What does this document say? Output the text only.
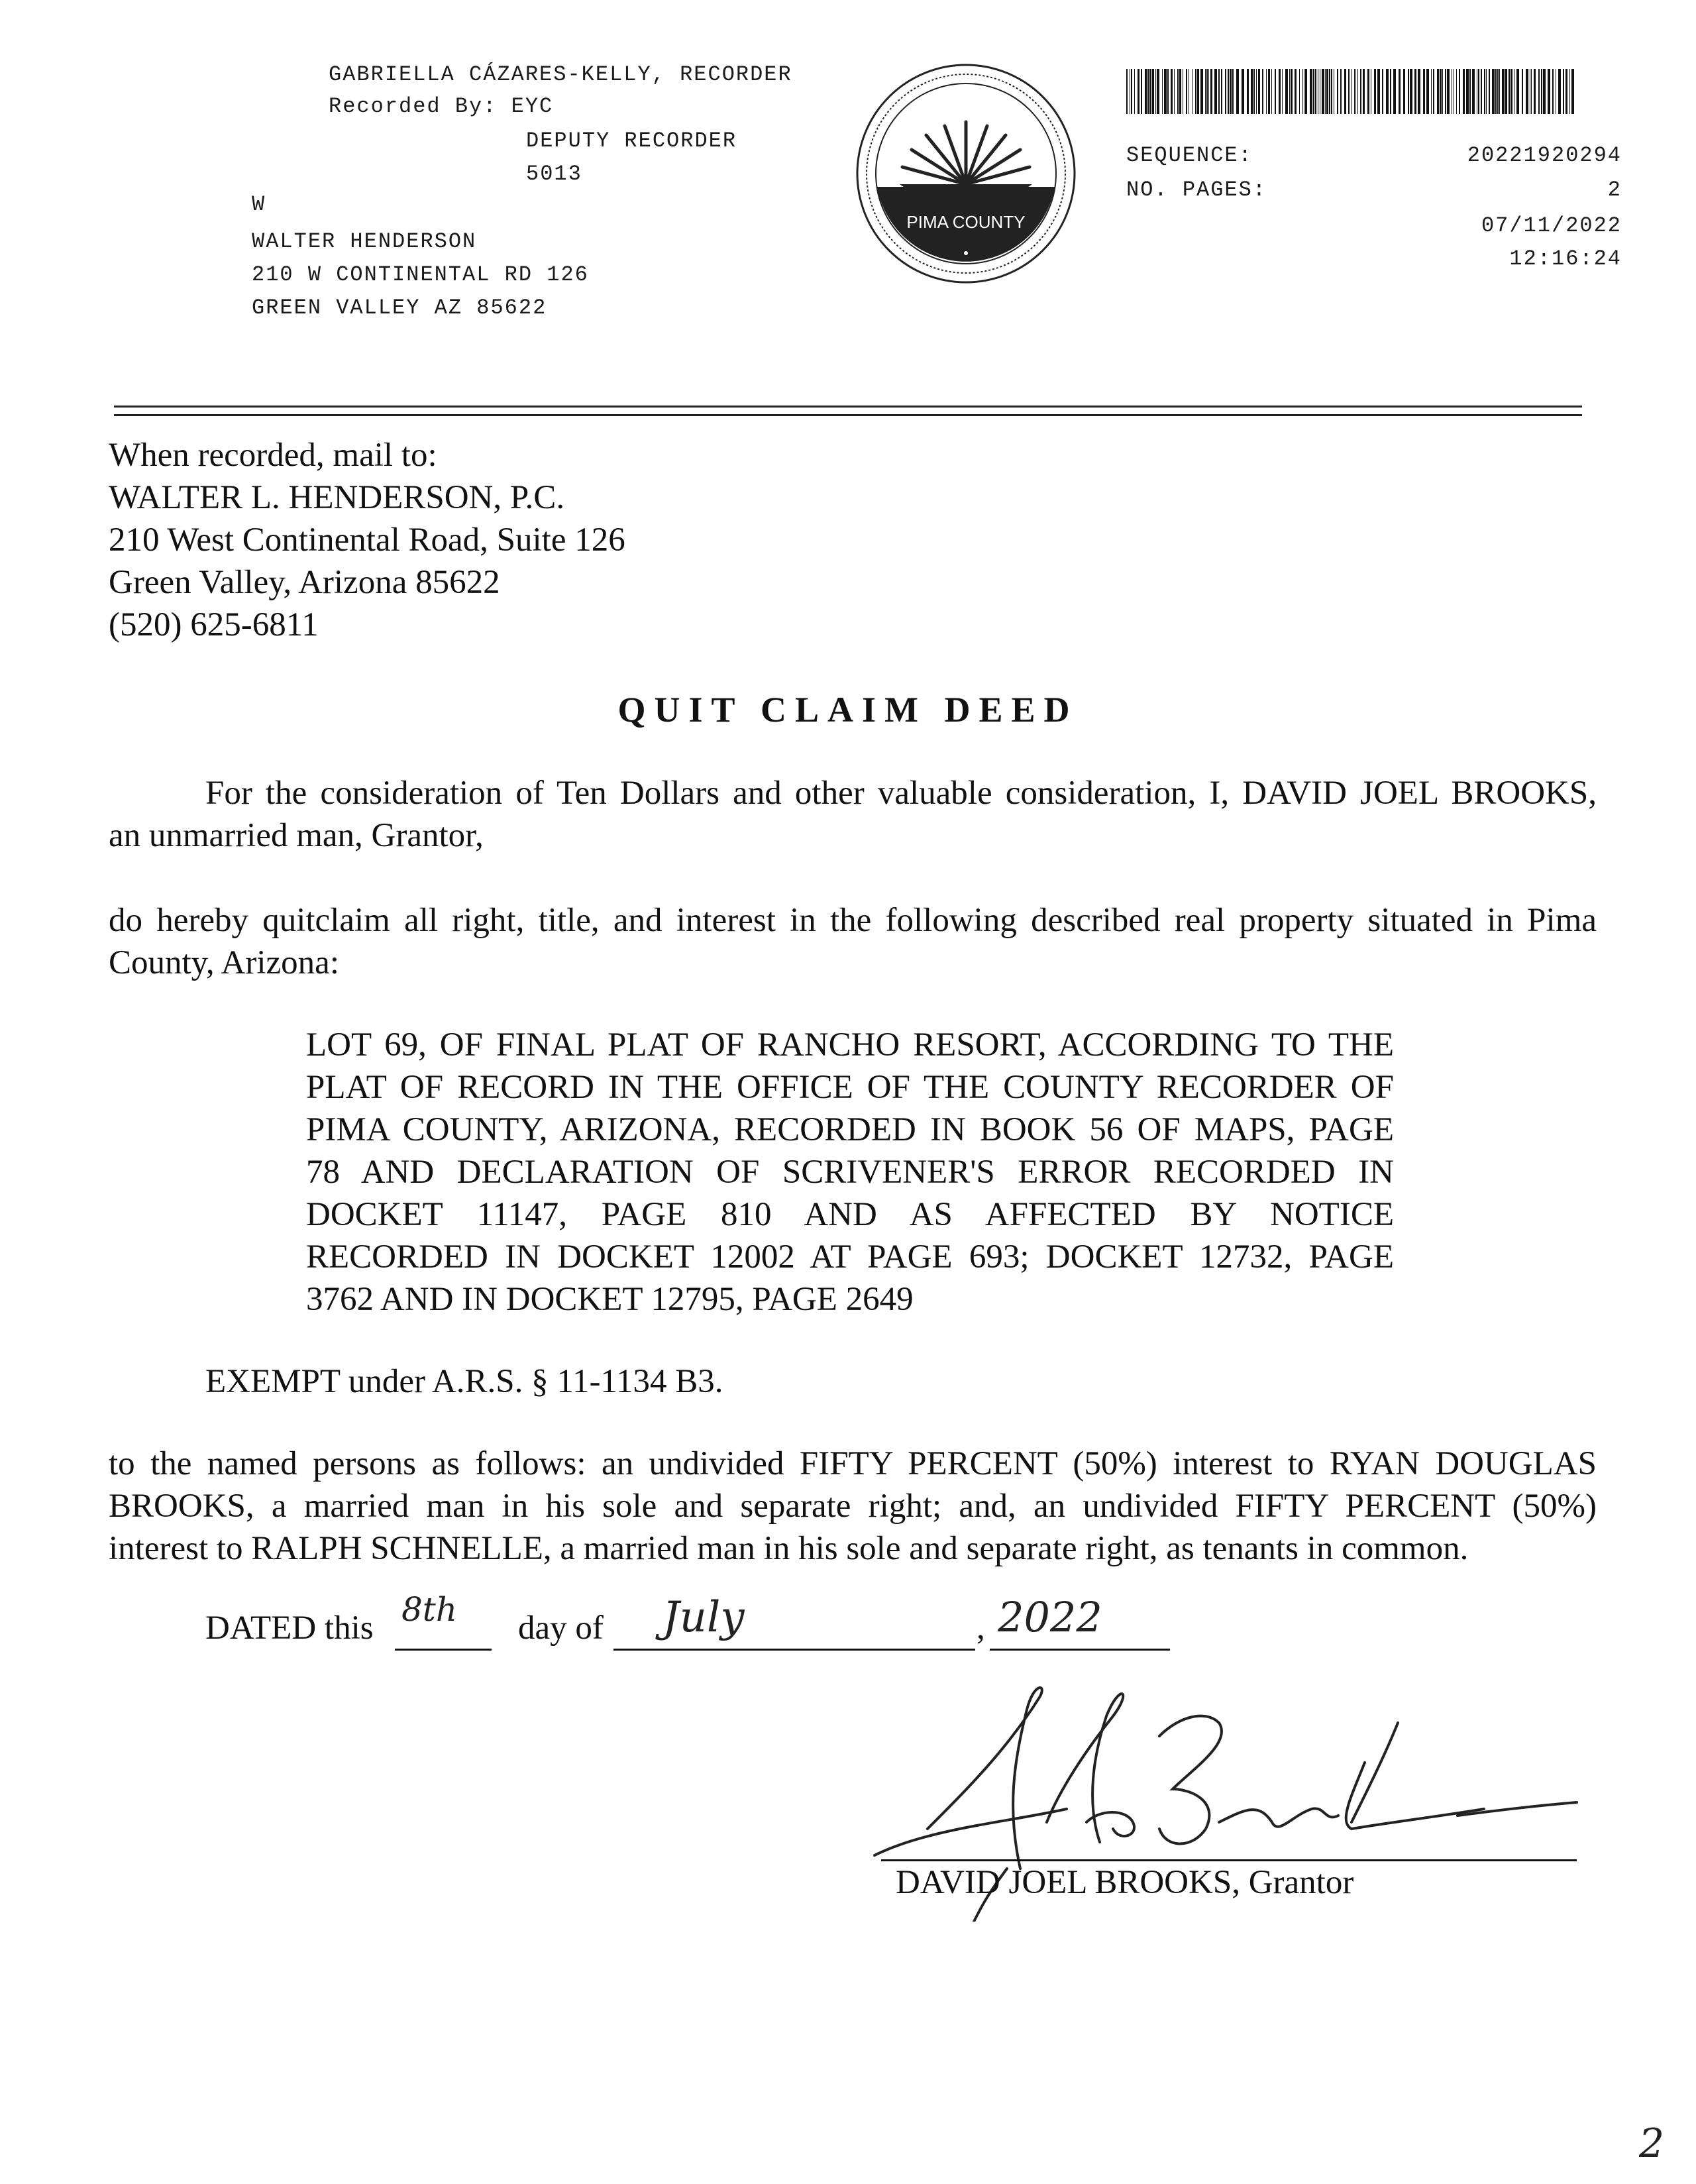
GABRIELLA CÁZARES-KELLY, RECORDER
Recorded By: EYC
DEPUTY RECORDER
5013
W
WALTER HENDERSON
210 W CONTINENTAL RD 126
GREEN VALLEY AZ 85622
PIMA COUNTY
SEQUENCE:	20221920294
NO. PAGES:	2
07/11/2022
12:16:24
When recorded, mail to:
WALTER L. HENDERSON, P.C.
210 West Continental Road, Suite 126
Green Valley, Arizona 85622
(520) 625-6811
QUIT CLAIM DEED
For the consideration of Ten Dollars and other valuable consideration, I, DAVID JOEL BROOKS,
an unmarried man, Grantor,
do hereby quitclaim all right, title, and interest in the following described real property situated in Pima
County, Arizona:
LOT 69, OF FINAL PLAT OF RANCHO RESORT, ACCORDING TO THE
PLAT OF RECORD IN THE OFFICE OF THE COUNTY RECORDER OF
PIMA COUNTY, ARIZONA, RECORDED IN BOOK 56 OF MAPS, PAGE
78 AND DECLARATION OF SCRIVENER'S ERROR RECORDED IN
DOCKET 11147, PAGE 810 AND AS AFFECTED BY NOTICE
RECORDED IN DOCKET 12002 AT PAGE 693; DOCKET 12732, PAGE
3762 AND IN DOCKET 12795, PAGE 2649
EXEMPT under A.R.S. § 11-1134 B3.
to the named persons as follows: an undivided FIFTY PERCENT (50%) interest to RYAN DOUGLAS
BROOKS, a married man in his sole and separate right; and, an undivided FIFTY PERCENT (50%)
interest to RALPH SCHNELLE, a married man in his sole and separate right, as tenants in common.
DATED this 8th day of July	, 2022
David Joel Brooks
DAVID JOEL BROOKS, Grantor
2
